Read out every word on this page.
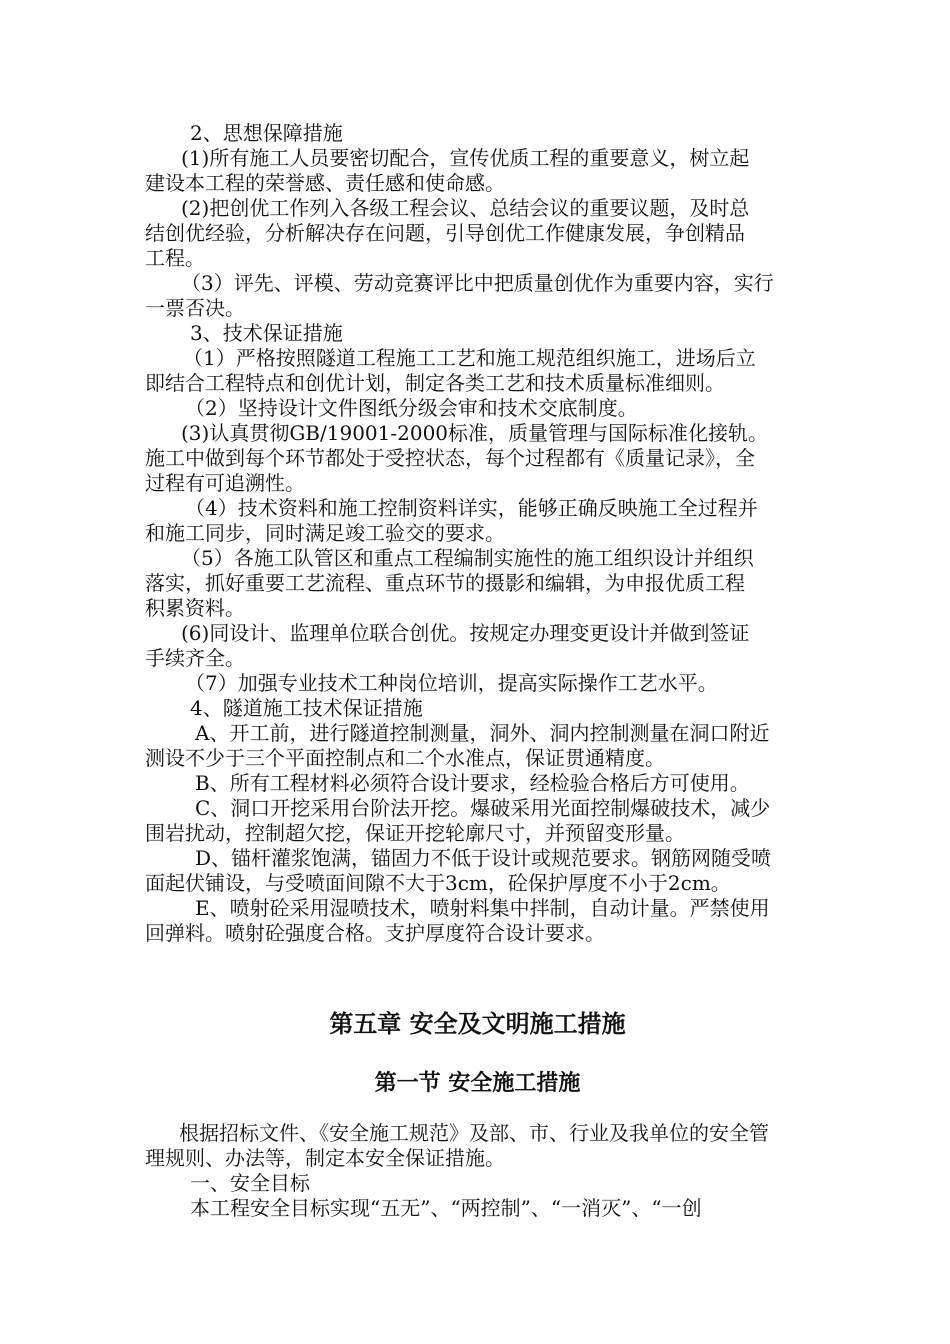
2、思想保障措施
(1)所有施工人员要密切配合，宣传优质工程的重要意义，树立起
建设本工程的荣誉感、责任感和使命感。
(2)把创优工作列入各级工程会议、总结会议的重要议题，及时总
结创优经验，分析解决存在问题，引导创优工作健康发展，争创精品
工程。
（3）评先、评模、劳动竞赛评比中把质量创优作为重要内容，实行
一票否决。
3、技术保证措施
（1）严格按照隧道工程施工工艺和施工规范组织施工，进场后立
即结合工程特点和创优计划，制定各类工艺和技术质量标准细则。
（2）坚持设计文件图纸分级会审和技术交底制度。
(3)认真贯彻GB/19001-2000标准，质量管理与国际标准化接轨。
施工中做到每个环节都处于受控状态，每个过程都有《质量记录》，全
过程有可追溯性。
（4）技术资料和施工控制资料详实，能够正确反映施工全过程并
和施工同步，同时满足竣工验交的要求。
（5）各施工队管区和重点工程编制实施性的施工组织设计并组织
落实，抓好重要工艺流程、重点环节的摄影和编辑，为申报优质工程
积累资料。
(6)同设计、监理单位联合创优。按规定办理变更设计并做到签证
手续齐全。
（7）加强专业技术工种岗位培训，提高实际操作工艺水平。
4、隧道施工技术保证措施
A、开工前，进行隧道控制测量，洞外、洞内控制测量在洞口附近
测设不少于三个平面控制点和二个水准点，保证贯通精度。
B、所有工程材料必须符合设计要求，经检验合格后方可使用。
C、洞口开挖采用台阶法开挖。爆破采用光面控制爆破技术，减少
围岩扰动，控制超欠挖，保证开挖轮廓尺寸，并预留变形量。
D、锚杆灌浆饱满，锚固力不低于设计或规范要求。钢筋网随受喷
面起伏铺设，与受喷面间隙不大于3cm，砼保护厚度不小于2cm。
E、喷射砼采用湿喷技术，喷射料集中拌制，自动计量。严禁使用
回弹料。喷射砼强度合格。支护厚度符合设计要求。
第五章 安全及文明施工措施
第一节 安全施工措施
根据招标文件、《安全施工规范》及部、市、行业及我单位的安全管
理规则、办法等，制定本安全保证措施。
一、安全目标
本工程安全目标实现“五无”、“两控制”、“一消灭”、“一创
